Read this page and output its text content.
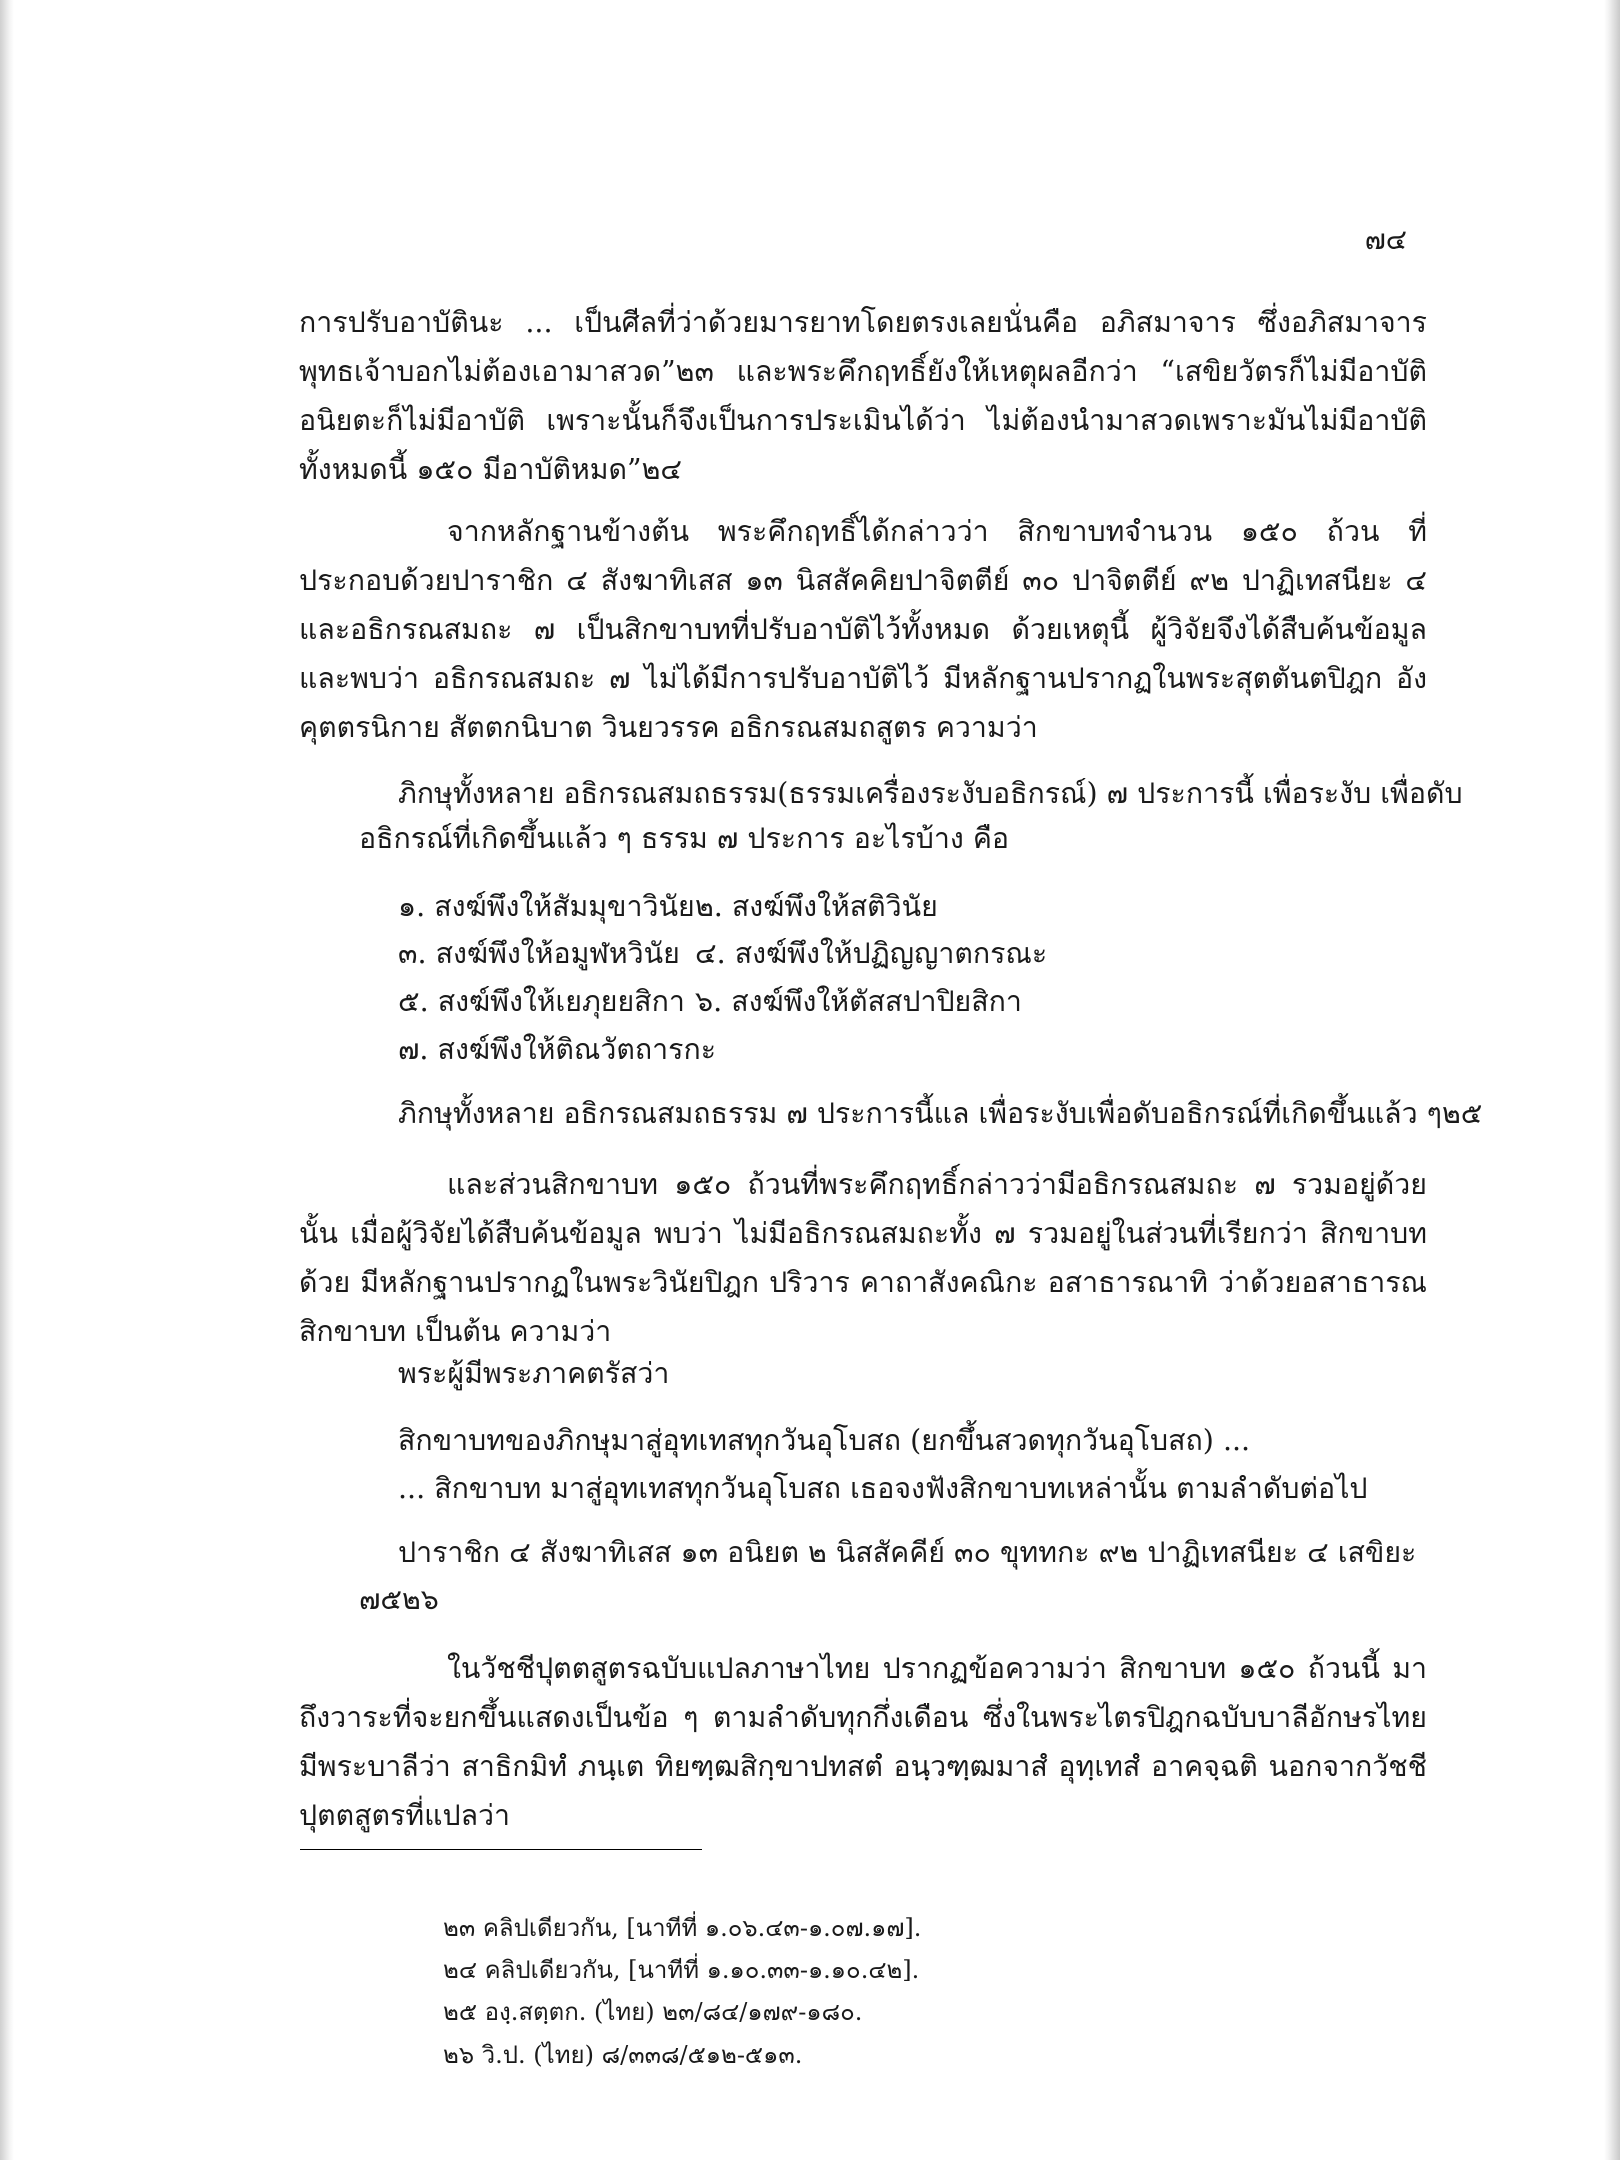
๗๔

การปรับอาบัตินะ ... เป็นศีลที่ว่าด้วยมารยาทโดยตรงเลยนั่นคือ อภิสมาจาร ซึ่งอภิสมาจารพุทธเจ้าบอกไม่ต้องเอามาสวด”๒๓ และพระคึกฤทธิ์ยังให้เหตุผลอีกว่า “เสขิยวัตรก็ไม่มีอาบัติ อนิยตะก็ไม่มีอาบัติ เพราะนั้นก็จึงเป็นการประเมินได้ว่า ไม่ต้องนำมาสวดเพราะมันไม่มีอาบัติ ทั้งหมดนี้ ๑๕๐ มีอาบัติหมด”๒๔

จากหลักฐานข้างต้น พระคึกฤทธิ์ได้กล่าวว่า สิกขาบทจำนวน ๑๕๐ ถ้วน ที่ประกอบด้วยปาราชิก ๔ สังฆาทิเสส ๑๓ นิสสัคคิยปาจิตตีย์ ๓๐ ปาจิตตีย์ ๙๒ ปาฏิเทสนียะ ๔ และอธิกรณสมถะ ๗ เป็นสิกขาบทที่ปรับอาบัติไว้ทั้งหมด ด้วยเหตุนี้ ผู้วิจัยจึงได้สืบค้นข้อมูลและพบว่า อธิกรณสมถะ ๗ ไม่ได้มีการปรับอาบัติไว้ มีหลักฐานปรากฏในพระสุตตันตปิฎก อังคุตตรนิกาย สัตตกนิบาต วินยวรรค อธิกรณสมถสูตร ความว่า

ภิกษุทั้งหลาย อธิกรณสมถธรรม(ธรรมเครื่องระงับอธิกรณ์) ๗ ประการนี้ เพื่อระงับ เพื่อดับ
อธิกรณ์ที่เกิดขึ้นแล้ว ๆ ธรรม ๗ ประการ อะไรบ้าง คือ
๑. สงฆ์พึงให้สัมมุขาวินัย ๒. สงฆ์พึงให้สติวินัย
๓. สงฆ์พึงให้อมูฬหวินัย ๔. สงฆ์พึงให้ปฏิญญาตกรณะ
๕. สงฆ์พึงให้เยภุยยสิกา ๖. สงฆ์พึงให้ตัสสปาปิยสิกา
๗. สงฆ์พึงให้ติณวัตถารกะ
ภิกษุทั้งหลาย อธิกรณสมถธรรม ๗ ประการนี้แล เพื่อระงับเพื่อดับอธิกรณ์ที่เกิดขึ้นแล้ว ๆ๒๕

และส่วนสิกขาบท ๑๕๐ ถ้วนที่พระคึกฤทธิ์กล่าวว่ามีอธิกรณสมถะ ๗ รวมอยู่ด้วยนั้น เมื่อผู้วิจัยได้สืบค้นข้อมูล พบว่า ไม่มีอธิกรณสมถะทั้ง ๗ รวมอยู่ในส่วนที่เรียกว่า สิกขาบทด้วย มีหลักฐานปรากฏในพระวินัยปิฎก ปริวาร คาถาสังคณิกะ อสาธารณาทิ ว่าด้วยอสาธารณสิกขาบท เป็นต้น ความว่า

พระผู้มีพระภาคตรัสว่า
สิกขาบทของภิกษุมาสู่อุทเทสทุกวันอุโบสถ (ยกขึ้นสวดทุกวันอุโบสถ) ...
... สิกขาบท มาสู่อุทเทสทุกวันอุโบสถ เธอจงฟังสิกขาบทเหล่านั้น ตามลำดับต่อไป
ปาราชิก ๔ สังฆาทิเสส ๑๓ อนิยต ๒ นิสสัคคีย์ ๓๐ ขุททกะ ๙๒ ปาฏิเทสนียะ ๔ เสขิยะ
๗๕๒๖

ในวัชชีปุตตสูตรฉบับแปลภาษาไทย ปรากฏข้อความว่า สิกขาบท ๑๕๐ ถ้วนนี้ มาถึงวาระที่จะยกขึ้นแสดงเป็นข้อ ๆ ตามลำดับทุกกึ่งเดือน ซึ่งในพระไตรปิฎกฉบับบาลีอักษรไทย มีพระบาลีว่า สาธิกมิทํ ภนฺเต ทิยฑฺฒสิกฺขาปทสตํ อนฺวฑฺฒมาสํ อุทฺเทสํ อาคจฺฉติ นอกจากวัชชีปุตตสูตรที่แปลว่า

๒๓ คลิปเดียวกัน, [นาทีที่ ๑.๐๖.๔๓-๑.๐๗.๑๗].
๒๔ คลิปเดียวกัน, [นาทีที่ ๑.๑๐.๓๓-๑.๑๐.๔๒].
๒๕ องฺ.สตฺตก. (ไทย) ๒๓/๘๔/๑๗๙-๑๘๐.
๒๖ วิ.ป. (ไทย) ๘/๓๓๘/๕๑๒-๕๑๓.
